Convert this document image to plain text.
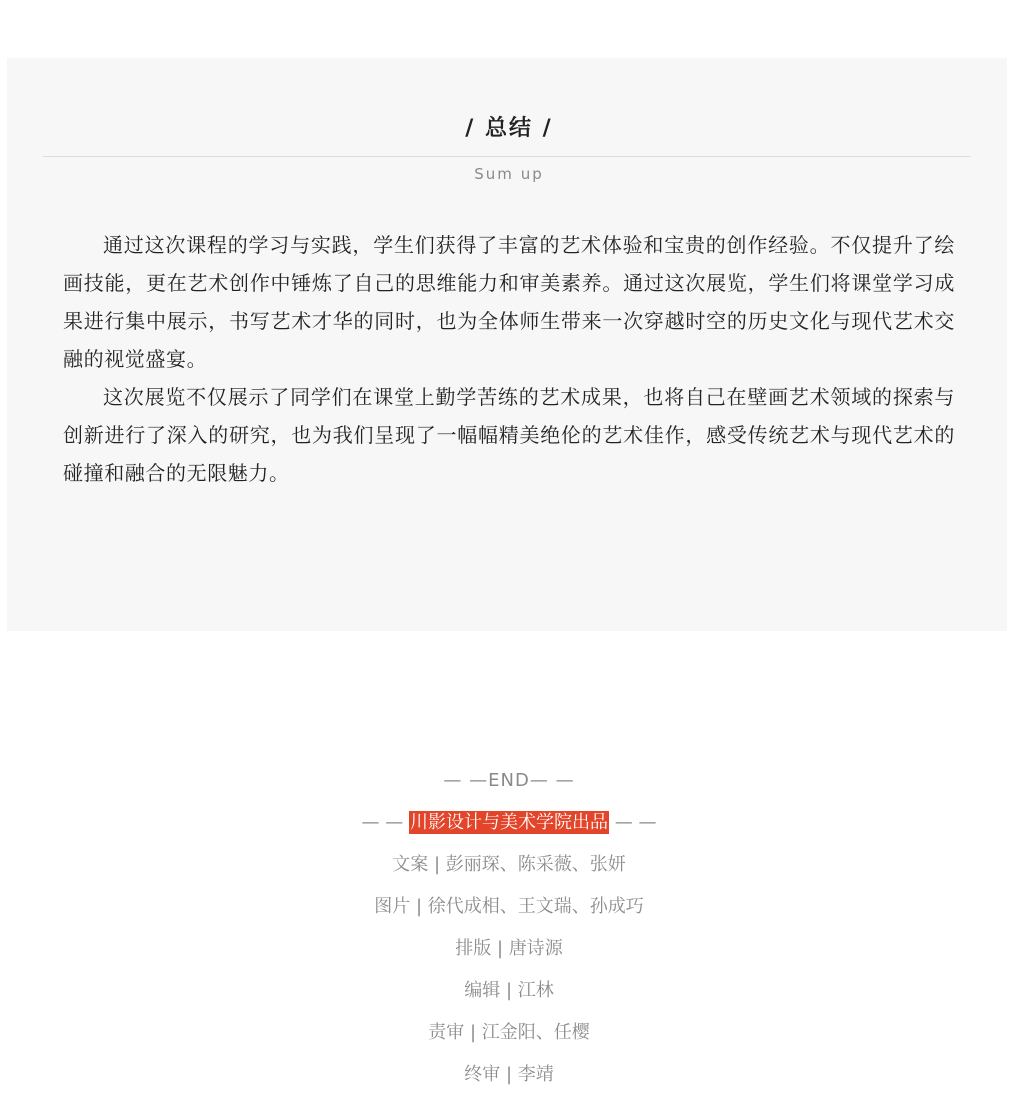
/ 总结 /
Sum up

通过这次课程的学习与实践，学生们获得了丰富的艺术体验和宝贵的创作经验。不仅提升了绘画技能，更在艺术创作中锤炼了自己的思维能力和审美素养。通过这次展览，学生们将课堂学习成果进行集中展示，书写艺术才华的同时，也为全体师生带来一次穿越时空的历史文化与现代艺术交融的视觉盛宴。

这次展览不仅展示了同学们在课堂上勤学苦练的艺术成果，也将自己在壁画艺术领域的探索与创新进行了深入的研究，也为我们呈现了一幅幅精美绝伦的艺术佳作，感受传统艺术与现代艺术的碰撞和融合的无限魅力。

— —END— —
— — 川影设计与美术学院出品 — —
文案 | 彭丽琛、陈采薇、张妍
图片 | 徐代成相、王文瑞、孙成巧
排版 | 唐诗源
编辑 | 江林
责审 | 江金阳、任樱
终审 | 李靖
